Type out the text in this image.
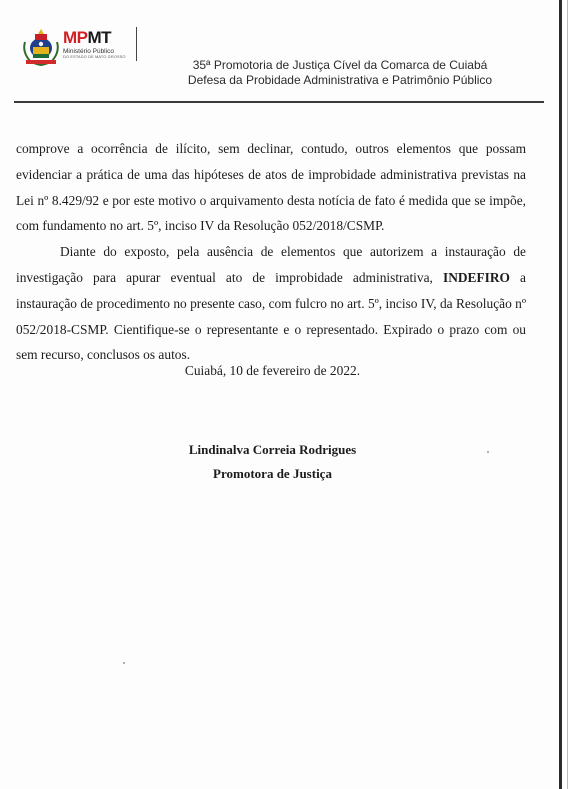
MPMT
Ministério Público
DO ESTADO DE MATO GROSSO
35ª Promotoria de Justiça Cível da Comarca de Cuiabá
Defesa da Probidade Administrativa e Patrimônio Público

comprove a ocorrência de ilícito, sem declinar, contudo, outros elementos que possam evidenciar a prática de uma das hipóteses de atos de improbidade administrativa previstas na Lei nº 8.429/92 e por este motivo o arquivamento desta notícia de fato é medida que se impõe, com fundamento no art. 5º, inciso IV da Resolução 052/2018/CSMP.

Diante do exposto, pela ausência de elementos que autorizem a instauração de investigação para apurar eventual ato de improbidade administrativa, INDEFIRO a instauração de procedimento no presente caso, com fulcro no art. 5º, inciso IV, da Resolução nº 052/2018-CSMP. Cientifique-se o representante e o representado. Expirado o prazo com ou sem recurso, conclusos os autos.

Cuiabá, 10 de fevereiro de 2022.
Lindinalva Correia Rodrigues
Promotora de Justiça
